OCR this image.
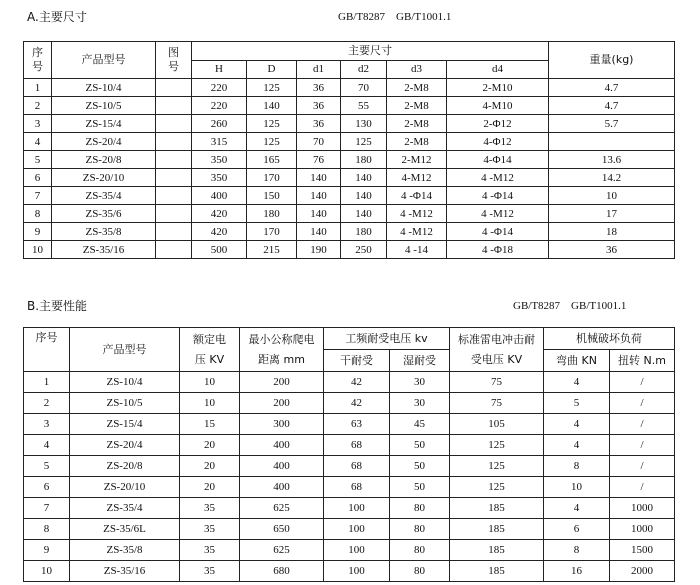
A.主要尺寸	GB/T8287    GB/T1001.1
序
号	产品型号	图
号	主要尺寸						重量(kg)
			H	D	d1	d2	d3	d4	
1	ZS-10/4		220	125	36	70	2-M8	2-M10	4.7
2	ZS-10/5		220	140	36	55	2-M8	4-M10	4.7
3	ZS-15/4		260	125	36	130	2-M8	2-Φ12	5.7
4	ZS-20/4		315	125	70	125	2-M8	4-Φ12	
5	ZS-20/8		350	165	76	180	2-M12	4-Φ14	13.6
6	ZS-20/10		350	170	140	140	4-M12	4 -M12	14.2
7	ZS-35/4		400	150	140	140	4 -Φ14	4 -Φ14	10
8	ZS-35/6		420	180	140	140	4 -M12	4 -M12	17
9	ZS-35/8		420	170	140	180	4 -M12	4 -Φ14	18
10	ZS-35/16		500	215	190	250	4 -14	4 -Φ18	36
B.主要性能	GB/T8287    GB/T1001.1
序号	产品型号	额定电
压 KV	最小公称爬电
距离 mm	工频耐受电压 kv		标准雷电冲击耐
受电压 KV	机械破坏负荷	
				干耐受	湿耐受		弯曲 KN	扭转 N.m
1	ZS-10/4	10	200	42	30	75	4	/
2	ZS-10/5	10	200	42	30	75	5	/
3	ZS-15/4	15	300	63	45	105	4	/
4	ZS-20/4	20	400	68	50	125	4	/
5	ZS-20/8	20	400	68	50	125	8	/
6	ZS-20/10	20	400	68	50	125	10	/
7	ZS-35/4	35	625	100	80	185	4	1000
8	ZS-35/6L	35	650	100	80	185	6	1000
9	ZS-35/8	35	625	100	80	185	8	1500
10	ZS-35/16	35	680	100	80	185	16	2000
